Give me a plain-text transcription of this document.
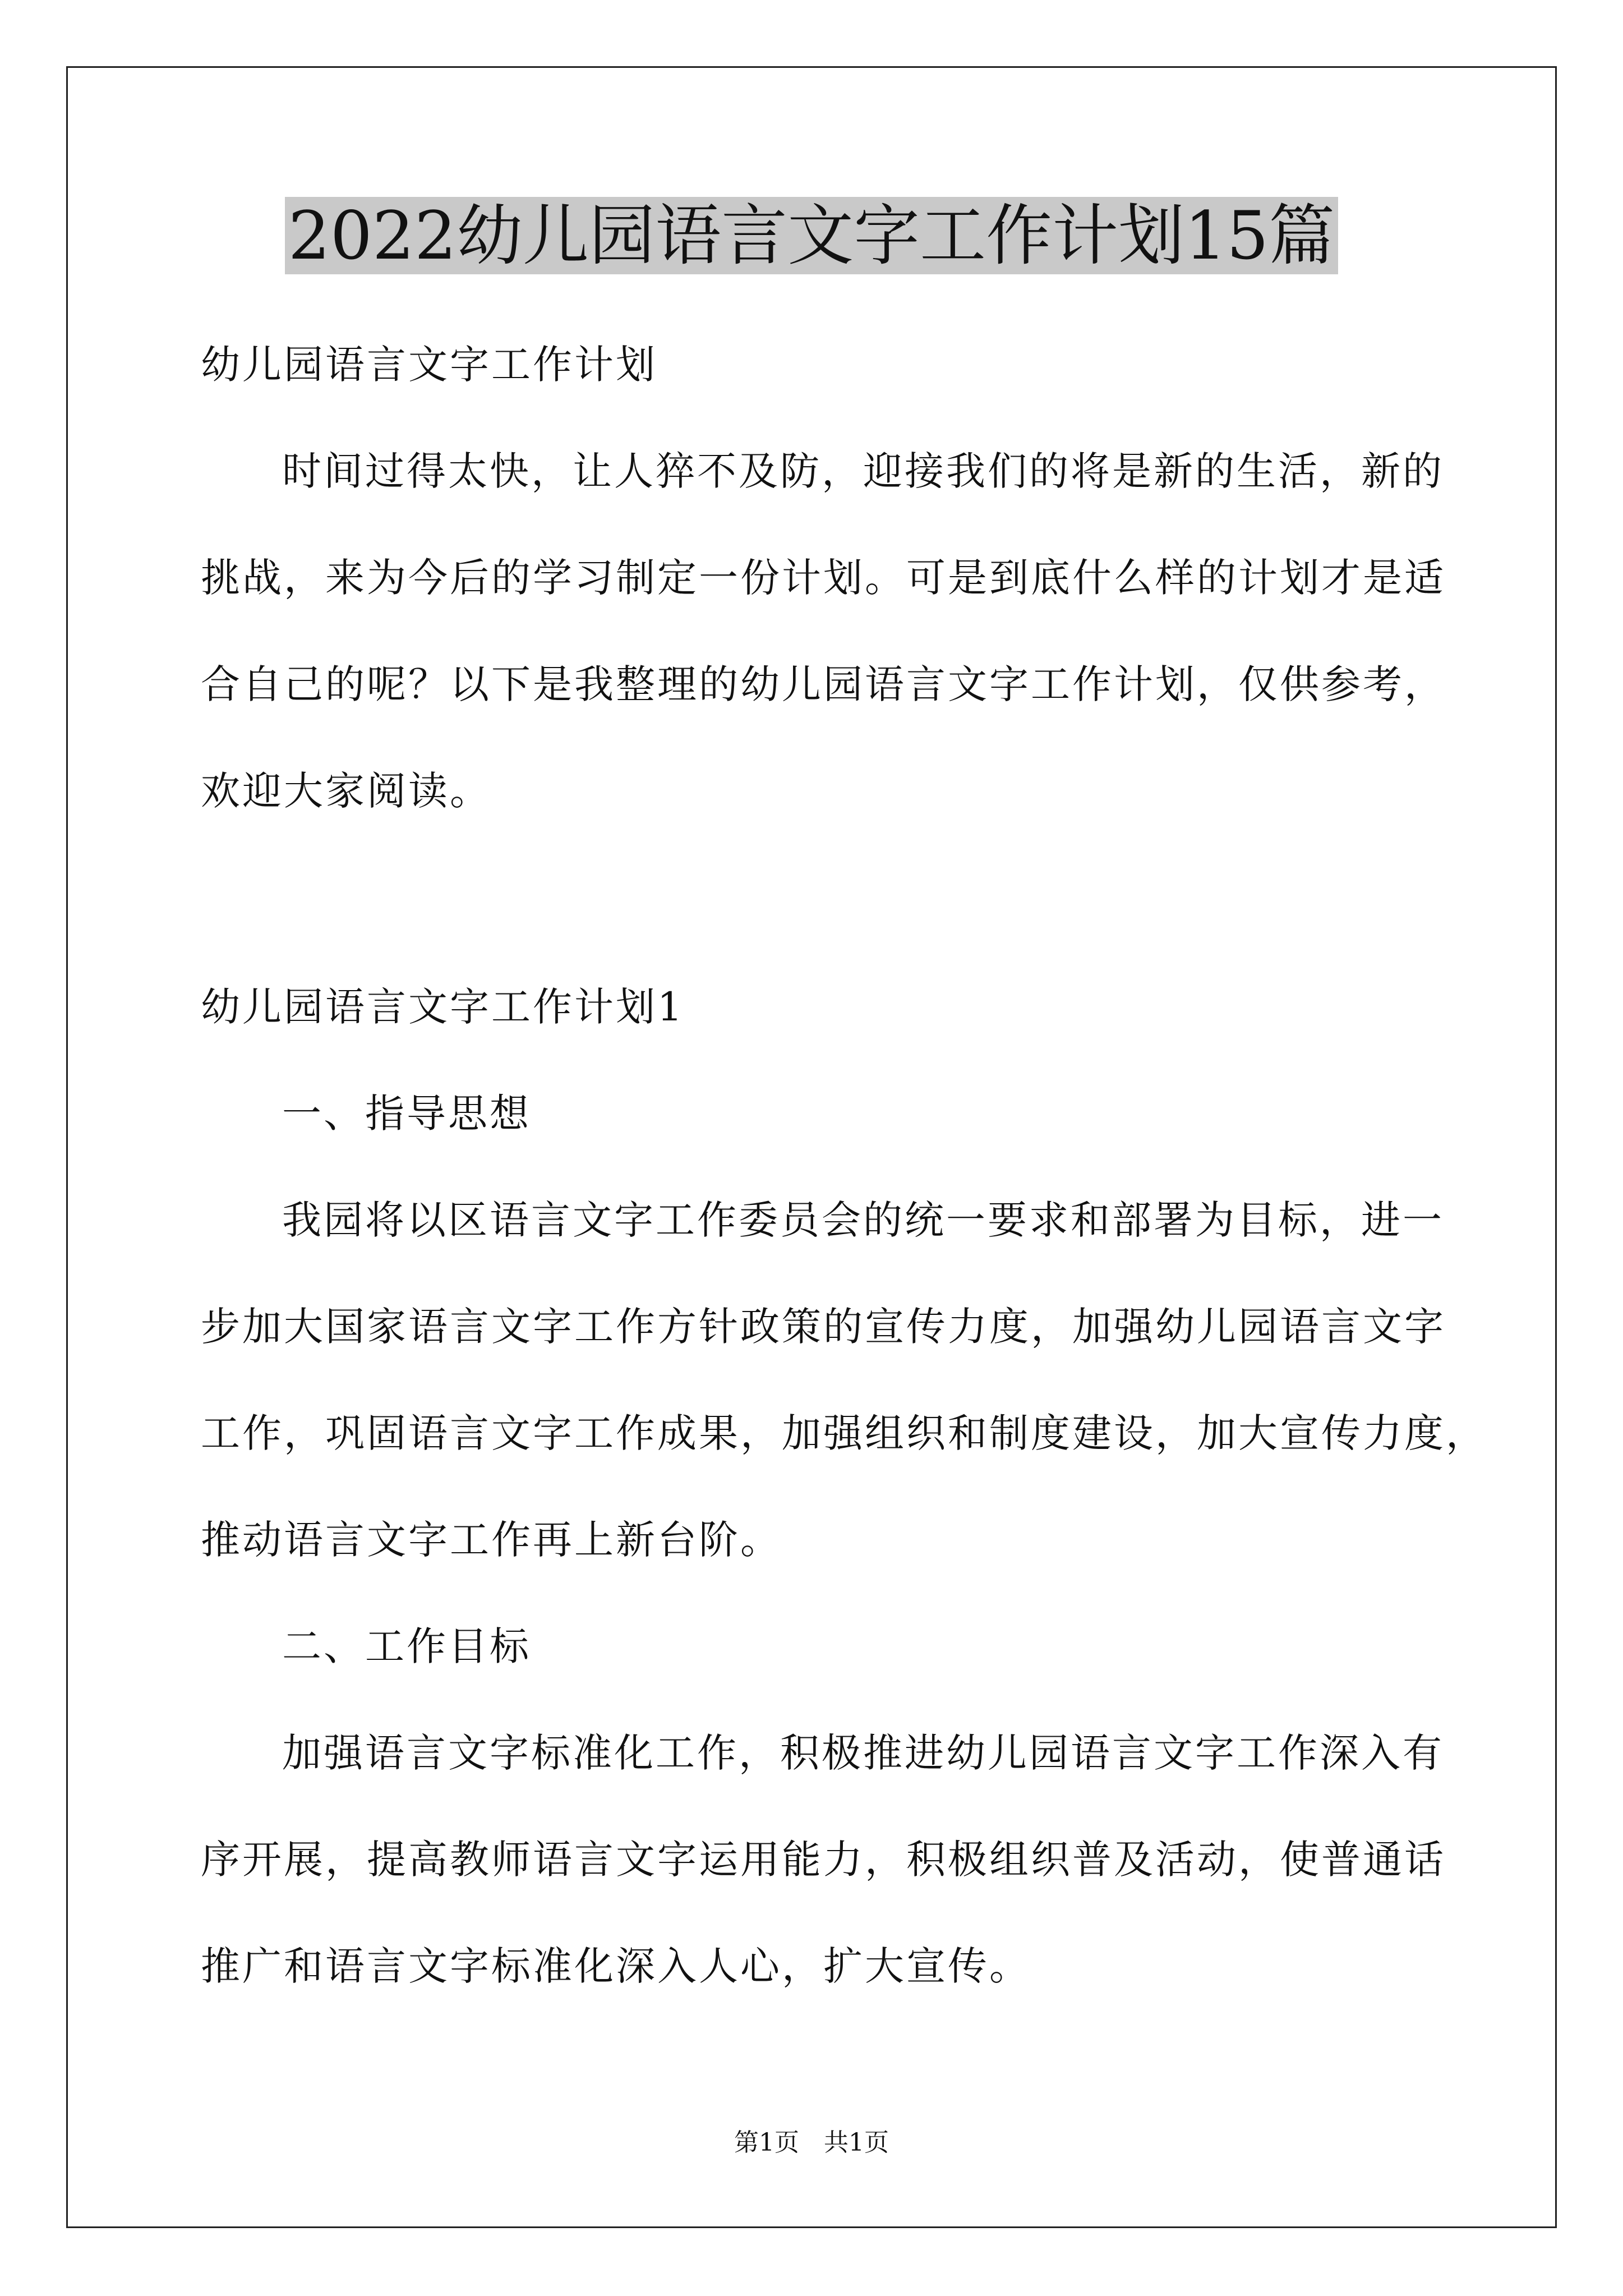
2022幼儿园语言文字工作计划15篇
幼儿园语言文字工作计划
时间过得太快，让人猝不及防，迎接我们的将是新的生活，新的
挑战，来为今后的学习制定一份计划。可是到底什么样的计划才是适
合自己的呢？以下是我整理的幼儿园语言文字工作计划，仅供参考，
欢迎大家阅读。
幼儿园语言文字工作计划1
一、指导思想
我园将以区语言文字工作委员会的统一要求和部署为目标，进一
步加大国家语言文字工作方针政策的宣传力度，加强幼儿园语言文字
工作，巩固语言文字工作成果，加强组织和制度建设，加大宣传力度，
推动语言文字工作再上新台阶。
二、工作目标
加强语言文字标准化工作，积极推进幼儿园语言文字工作深入有
序开展，提高教师语言文字运用能力，积极组织普及活动，使普通话
推广和语言文字标准化深入人心，扩大宣传。
第1页　共1页
